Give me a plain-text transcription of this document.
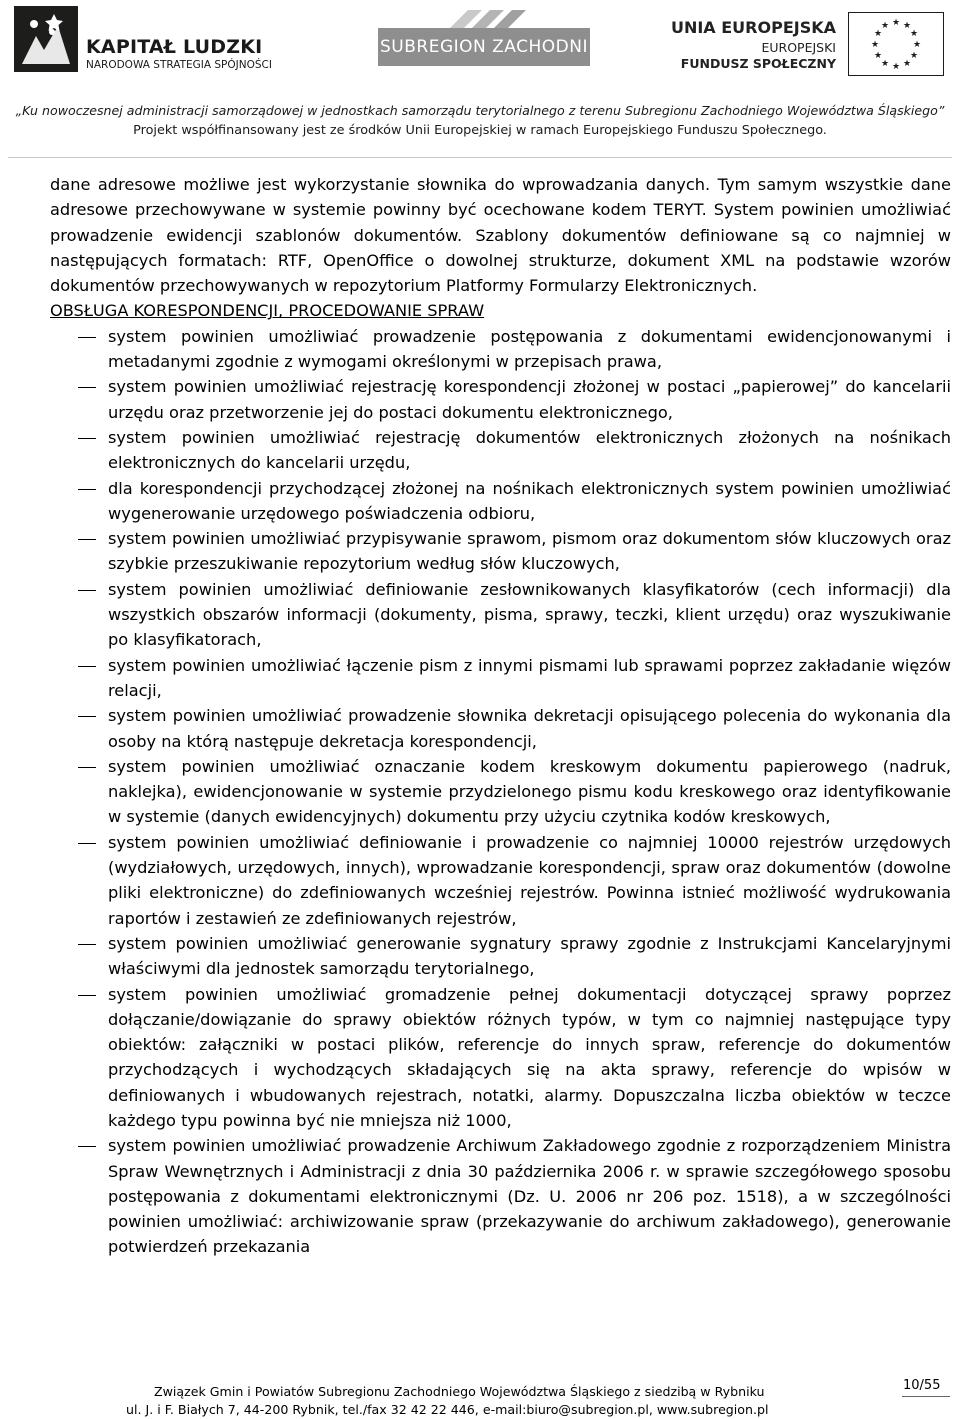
KAPITAŁ LUDZKI
NARODOWA STRATEGIA SPÓJNOŚCI
SUBREGION ZACHODNI
UNIA EUROPEJSKA
EUROPEJSKI
FUNDUSZ SPOŁECZNY
★ ★
★
★
★
★
★
★
★
★
★
★
„Ku nowoczesnej administracji samorządowej w jednostkach samorządu terytorialnego z terenu Subregionu Zachodniego Województwa Śląskiego”
Projekt współfinansowany jest ze środków Unii Europejskiej w ramach Europejskiego Funduszu Społecznego.

dane adresowe możliwe jest wykorzystanie słownika do wprowadzania danych. Tym samym wszystkie dane adresowe przechowywane w systemie powinny być ocechowane kodem TERYT. System powinien umożliwiać prowadzenie ewidencji szablonów dokumentów. Szablony dokumentów definiowane są co najmniej w następujących formatach: RTF, OpenOffice o dowolnej strukturze, dokument XML na podstawie wzorów dokumentów przechowywanych w repozytorium Platformy Formularzy Elektronicznych.

OBSŁUGA KORESPONDENCJI, PROCEDOWANIE SPRAW

system powinien umożliwiać prowadzenie postępowania z dokumentami ewidencjonowanymi i metadanymi zgodnie z wymogami określonymi w przepisach prawa,
system powinien umożliwiać rejestrację korespondencji złożonej w postaci „papierowej” do kancelarii urzędu oraz przetworzenie jej do postaci dokumentu elektronicznego,
system powinien umożliwiać rejestrację dokumentów elektronicznych złożonych na nośnikach elektronicznych do kancelarii urzędu,
dla korespondencji przychodzącej złożonej na nośnikach elektronicznych system powinien umożliwiać wygenerowanie urzędowego poświadczenia odbioru,
system powinien umożliwiać przypisywanie sprawom, pismom oraz dokumentom słów kluczowych oraz szybkie przeszukiwanie repozytorium według słów kluczowych,
system powinien umożliwiać definiowanie zesłownikowanych klasyfikatorów (cech informacji) dla wszystkich obszarów informacji (dokumenty, pisma, sprawy, teczki, klient urzędu) oraz wyszukiwanie po klasyfikatorach,
system powinien umożliwiać łączenie pism z innymi pismami lub sprawami poprzez zakładanie więzów relacji,
system powinien umożliwiać prowadzenie słownika dekretacji opisującego polecenia do wykonania dla osoby na którą następuje dekretacja korespondencji,
system powinien umożliwiać oznaczanie kodem kreskowym dokumentu papierowego (nadruk, naklejka), ewidencjonowanie w systemie przydzielonego pismu kodu kreskowego oraz identyfikowanie w systemie (danych ewidencyjnych) dokumentu przy użyciu czytnika kodów kreskowych,
system powinien umożliwiać definiowanie i prowadzenie co najmniej 10000 rejestrów urzędowych (wydziałowych, urzędowych, innych), wprowadzanie korespondencji, spraw oraz dokumentów (dowolne pliki elektroniczne) do zdefiniowanych wcześniej rejestrów. Powinna istnieć możliwość wydrukowania raportów i zestawień ze zdefiniowanych rejestrów,
system powinien umożliwiać generowanie sygnatury sprawy zgodnie z Instrukcjami Kancelaryjnymi właściwymi dla jednostek samorządu terytorialnego,
system powinien umożliwiać gromadzenie pełnej dokumentacji dotyczącej sprawy poprzez dołączanie/dowiązanie do sprawy obiektów różnych typów, w tym co najmniej następujące typy obiektów: załączniki w postaci plików, referencje do innych spraw, referencje do dokumentów przychodzących i wychodzących składających się na akta sprawy, referencje do wpisów w definiowanych i wbudowanych rejestrach, notatki, alarmy. Dopuszczalna liczba obiektów w teczce każdego typu powinna być nie mniejsza niż 1000,
system powinien umożliwiać prowadzenie Archiwum Zakładowego zgodnie z rozporządzeniem Ministra Spraw Wewnętrznych i Administracji z dnia 30 października 2006 r. w sprawie szczegółowego sposobu postępowania z dokumentami elektronicznymi (Dz. U. 2006 nr 206 poz. 1518), a w szczególności powinien umożliwiać: archiwizowanie spraw (przekazywanie do archiwum zakładowego), generowanie potwierdzeń przekazania
Związek Gmin i Powiatów Subregionu Zachodniego Województwa Śląskiego z siedzibą w Rybniku
ul. J. i F. Białych 7, 44-200 Rybnik, tel./fax 32 42 22 446, e-mail:biuro@subregion.pl, www.subregion.pl
10/55
